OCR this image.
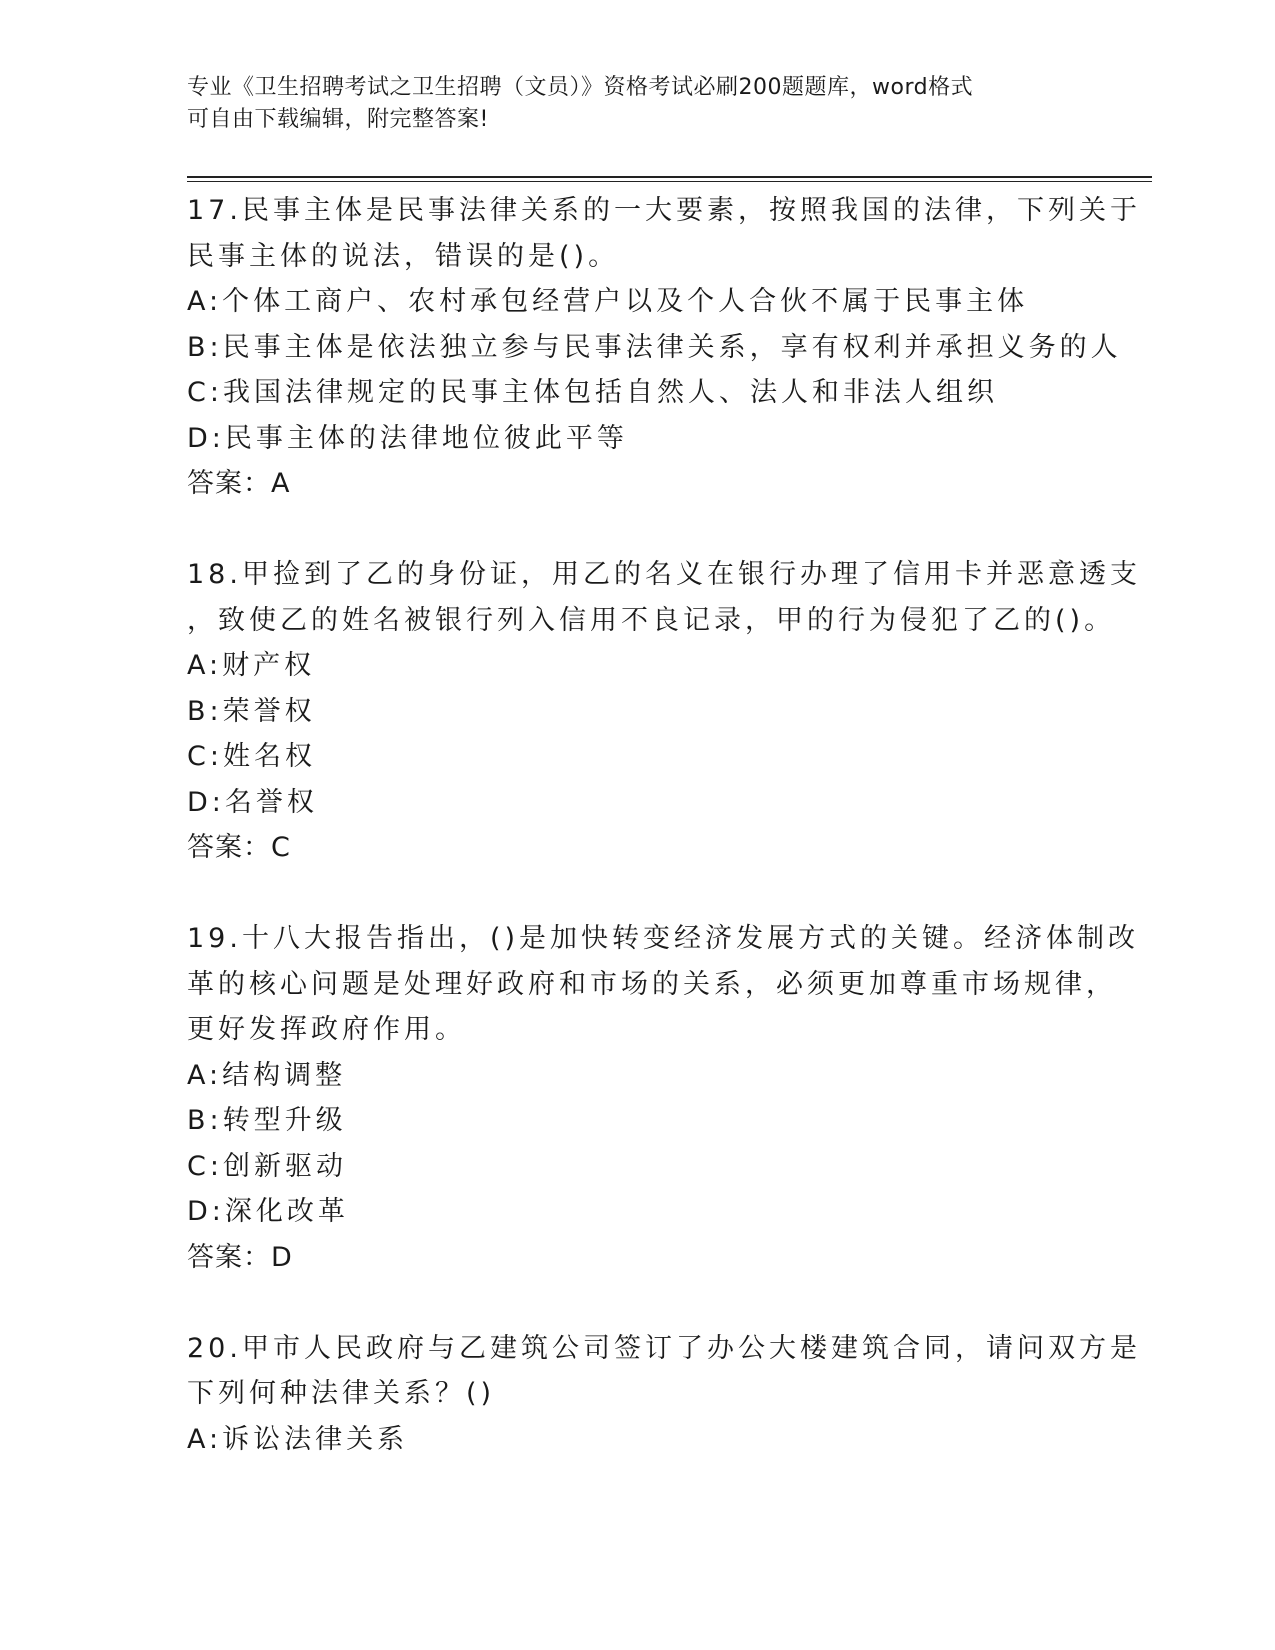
专业《卫生招聘考试之卫生招聘（文员）》资格考试必刷200题题库，word格式
可自由下载编辑，附完整答案!
17.民事主体是民事法律关系的一大要素，按照我国的法律，下列关于
民事主体的说法，错误的是()。
A:个体工商户、农村承包经营户以及个人合伙不属于民事主体
B:民事主体是依法独立参与民事法律关系，享有权利并承担义务的人
C:我国法律规定的民事主体包括自然人、法人和非法人组织
D:民事主体的法律地位彼此平等
答案：A
18.甲捡到了乙的身份证，用乙的名义在银行办理了信用卡并恶意透支
，致使乙的姓名被银行列入信用不良记录，甲的行为侵犯了乙的()。
A:财产权
B:荣誉权
C:姓名权
D:名誉权
答案：C
19.十八大报告指出，()是加快转变经济发展方式的关键。经济体制改
革的核心问题是处理好政府和市场的关系，必须更加尊重市场规律，
更好发挥政府作用。
A:结构调整
B:转型升级
C:创新驱动
D:深化改革
答案：D
20.甲市人民政府与乙建筑公司签订了办公大楼建筑合同，请问双方是
下列何种法律关系？()
A:诉讼法律关系
